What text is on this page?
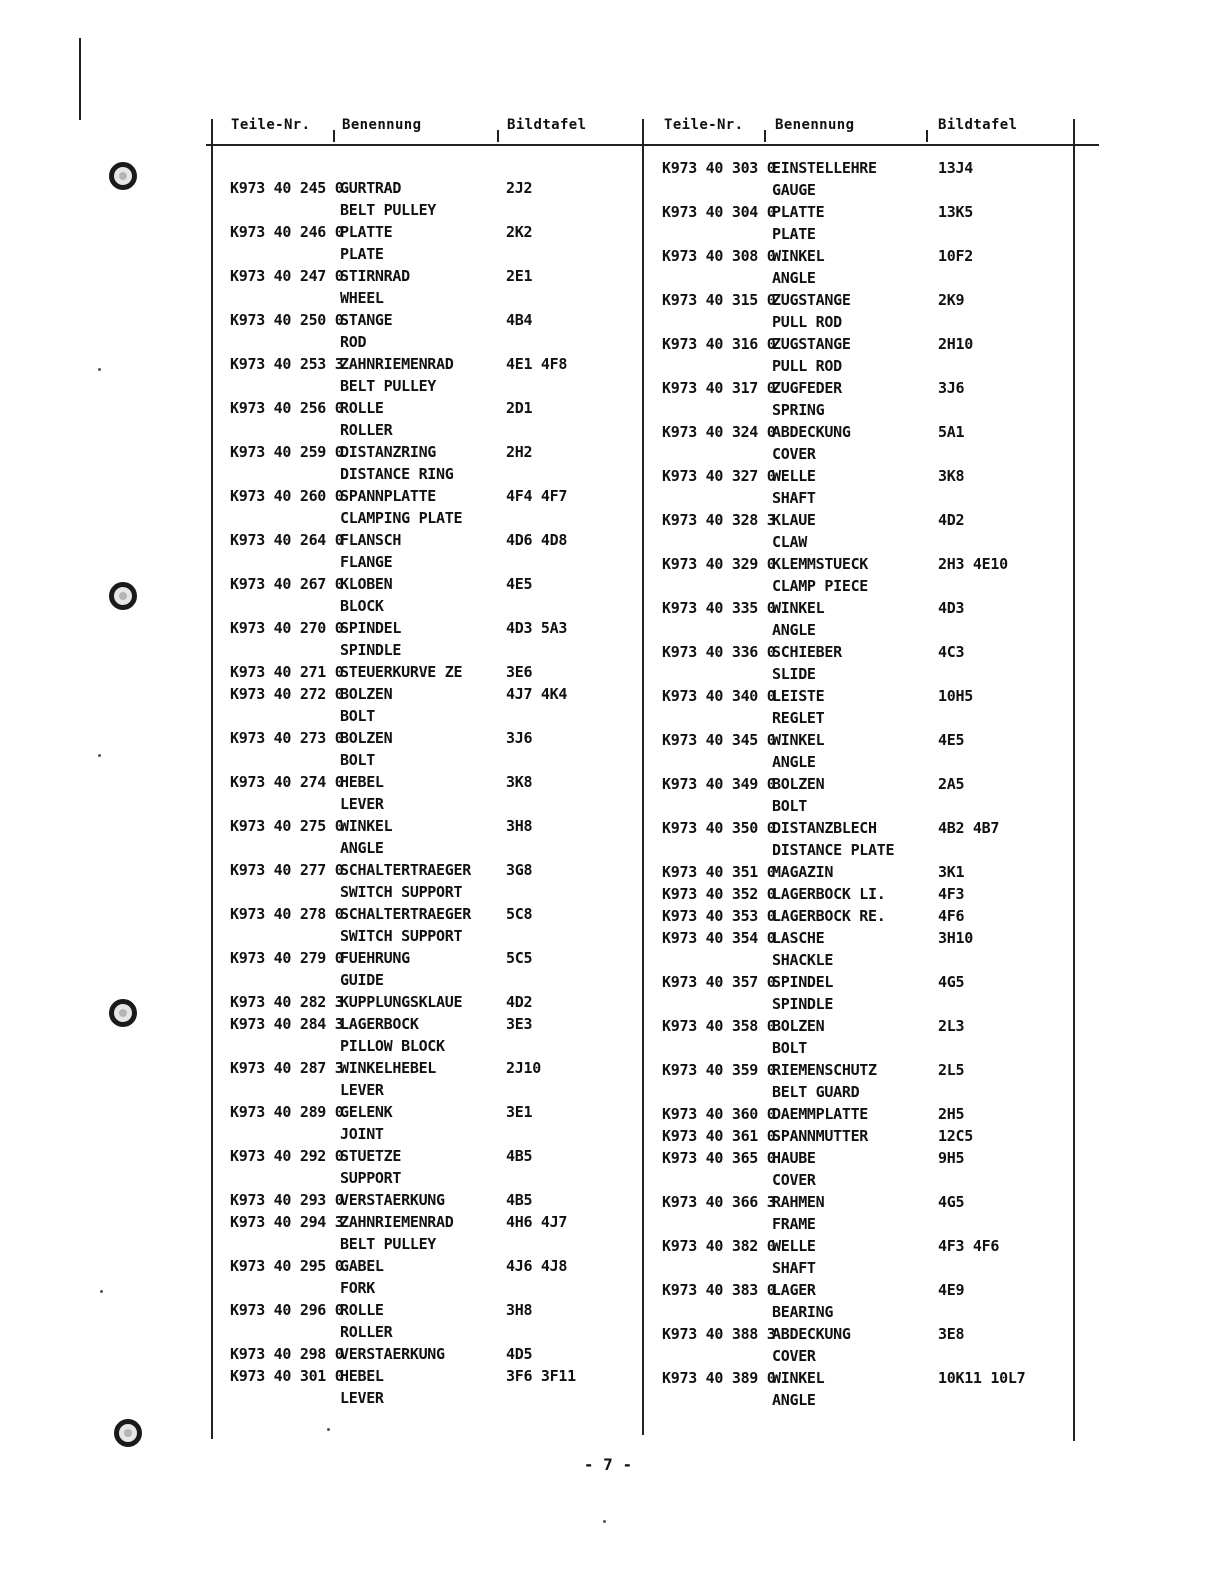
Teile-Nr. Benennung	Bildtafel	Teile-Nr. Benennung	Bildtafel
K973 40 245 0
GURTRAD	2J2
BELT PULLEY
K973 40 246 0
PLATTE	2K2
PLATE
K973 40 247 0
STIRNRAD	2E1
WHEEL
K973 40 250 0
STANGE	4B4
ROD
K973 40 253 3
ZAHNRIEMENRAD	4E1 4F8
BELT PULLEY
K973 40 256 0
ROLLE	2D1
ROLLER
K973 40 259 0
DISTANZRING	2H2
DISTANCE RING
K973 40 260 0
SPANNPLATTE	4F4 4F7
CLAMPING PLATE
K973 40 264 0
FLANSCH	4D6 4D8
FLANGE
K973 40 267 0
KLOBEN	4E5
BLOCK
K973 40 270 0
SPINDEL	4D3 5A3
SPINDLE
K973 40 271 0
STEUERKURVE ZE	3E6
K973 40 272 0
BOLZEN	4J7 4K4
BOLT
K973 40 273 0
BOLZEN	3J6
BOLT
K973 40 274 0
HEBEL	3K8
LEVER
K973 40 275 0
WINKEL	3H8
ANGLE
K973 40 277 0
SCHALTERTRAEGER 3G8
SWITCH SUPPORT
K973 40 278 0
SCHALTERTRAEGER 5C8
SWITCH SUPPORT
K973 40 279 0
FUEHRUNG	5C5
GUIDE
K973 40 282 3
KUPPLUNGSKLAUE	4D2
K973 40 284 3
LAGERBOCK	3E3
PILLOW BLOCK
K973 40 287 3
WINKELHEBEL	2J10
LEVER
K973 40 289 0
GELENK	3E1
JOINT
K973 40 292 0
STUETZE	4B5
SUPPORT
K973 40 293 0
VERSTAERKUNG	4B5
K973 40 294 3
ZAHNRIEMENRAD	4H6 4J7
BELT PULLEY
K973 40 295 0
GABEL	4J6 4J8
FORK
K973 40 296 0
ROLLE	3H8
ROLLER
K973 40 298 0
VERSTAERKUNG	4D5
K973 40 301 0
HEBEL	3F6 3F11
LEVER
K973 40 303 0
EINSTELLEHRE	13J4
GAUGE
K973 40 304 0
PLATTE	13K5
PLATE
K973 40 308 0
WINKEL	10F2
ANGLE
K973 40 315 0
ZUGSTANGE	2K9
PULL ROD
K973 40 316 0
ZUGSTANGE	2H10
PULL ROD
K973 40 317 0
ZUGFEDER	3J6
SPRING
K973 40 324 0
ABDECKUNG	5A1
COVER
K973 40 327 0
WELLE	3K8
SHAFT
K973 40 328 3
KLAUE	4D2
CLAW
K973 40 329 0
KLEMMSTUECK	2H3 4E10
CLAMP PIECE
K973 40 335 0
WINKEL	4D3
ANGLE
K973 40 336 0
SCHIEBER	4C3
SLIDE
K973 40 340 0
LEISTE	10H5
REGLET
K973 40 345 0
WINKEL	4E5
ANGLE
K973 40 349 0
BOLZEN	2A5
BOLT
K973 40 350 0
DISTANZBLECH	4B2 4B7
DISTANCE PLATE
K973 40 351 0
MAGAZIN	3K1
K973 40 352 0
LAGERBOCK LI.	4F3
K973 40 353 0
LAGERBOCK RE.	4F6
K973 40 354 0
LASCHE	3H10
SHACKLE
K973 40 357 0
SPINDEL	4G5
SPINDLE
K973 40 358 0
BOLZEN	2L3
BOLT
K973 40 359 0
RIEMENSCHUTZ	2L5
BELT GUARD
K973 40 360 0
DAEMMPLATTE	2H5
K973 40 361 0
SPANNMUTTER	12C5
K973 40 365 0
HAUBE	9H5
COVER
K973 40 366 3
RAHMEN	4G5
FRAME
K973 40 382 0
WELLE	4F3 4F6
SHAFT
K973 40 383 0
LAGER	4E9
BEARING
K973 40 388 3
ABDECKUNG	3E8
COVER
K973 40 389 0
WINKEL	10K11 10L7
ANGLE
- 7 -
